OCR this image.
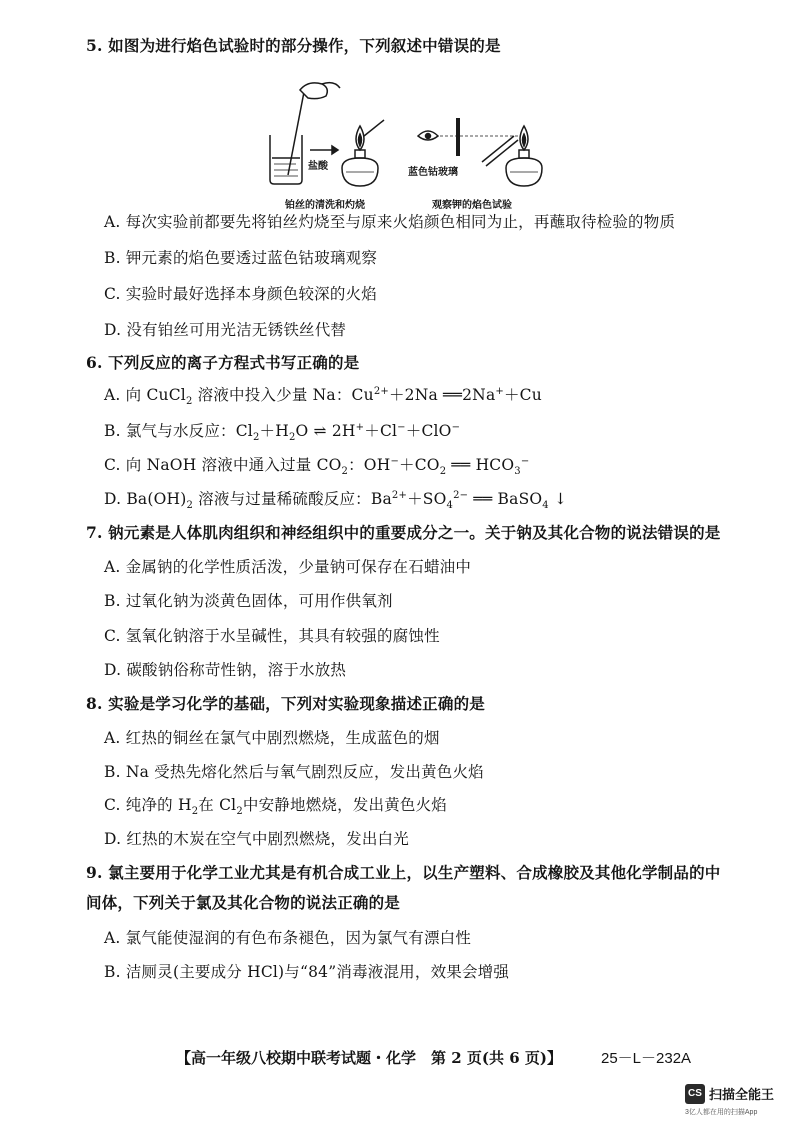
5. 如图为进行焰色试验时的部分操作，下列叙述中错误的是
盐酸
蓝色钴玻璃
铂丝的清洗和灼烧	观察钾的焰色试验
A. 每次实验前都要先将铂丝灼烧至与原来火焰颜色相同为止，再蘸取待检验的物质
B. 钾元素的焰色要透过蓝色钴玻璃观察
C. 实验时最好选择本身颜色较深的火焰
D. 没有铂丝可用光洁无锈铁丝代替
6. 下列反应的离子方程式书写正确的是
A. 向 CuCl$_2$ 溶液中投入少量 Na：$Cu^{2+}+2Na$ ══2Na+＋Cu
B. 氯气与水反应：$Cl_2+H_2O$ ⇌ 2H+＋Cl−＋ClO−
C. 向 NaOH 溶液中通入过量 $CO_2$：$OH^-+CO_2$ ══ $HCO_3^-$
D. $Ba(OH)_2$ 溶液与过量稀硫酸反应：$Ba^{2+}+SO_4^{2-}$ ══ BaSO$_4$ ↓
7. 钠元素是人体肌肉组织和神经组织中的重要成分之一。关于钠及其化合物的说法错误的是
A. 金属钠的化学性质活泼，少量钠可保存在石蜡油中
B. 过氧化钠为淡黄色固体，可用作供氧剂
C. 氢氧化钠溶于水呈碱性，其具有较强的腐蚀性
D. 碳酸钠俗称苛性钠，溶于水放热
8. 实验是学习化学的基础，下列对实验现象描述正确的是
A. 红热的铜丝在氯气中剧烈燃烧，生成蓝色的烟
B. Na 受热先熔化然后与氧气剧烈反应，发出黄色火焰
C. 纯净的 $H_2$在 $Cl_2$中安静地燃烧，发出黄色火焰
D. 红热的木炭在空气中剧烈燃烧，发出白光
9. 氯主要用于化学工业尤其是有机合成工业上，以生产塑料、合成橡胶及其他化学制品的中间体，下列关于氯及其化合物的说法正确的是
A. 氯气能使湿润的有色布条褪色，因为氯气有漂白性
B. 洁厕灵(主要成分 HCl)与“84”消毒液混用，效果会增强
【高一年级八校期中联考试题・化学　第 2 页(共 6 页)】	25－L－232A
CS 扫描全能王
3亿人都在用的扫描App
